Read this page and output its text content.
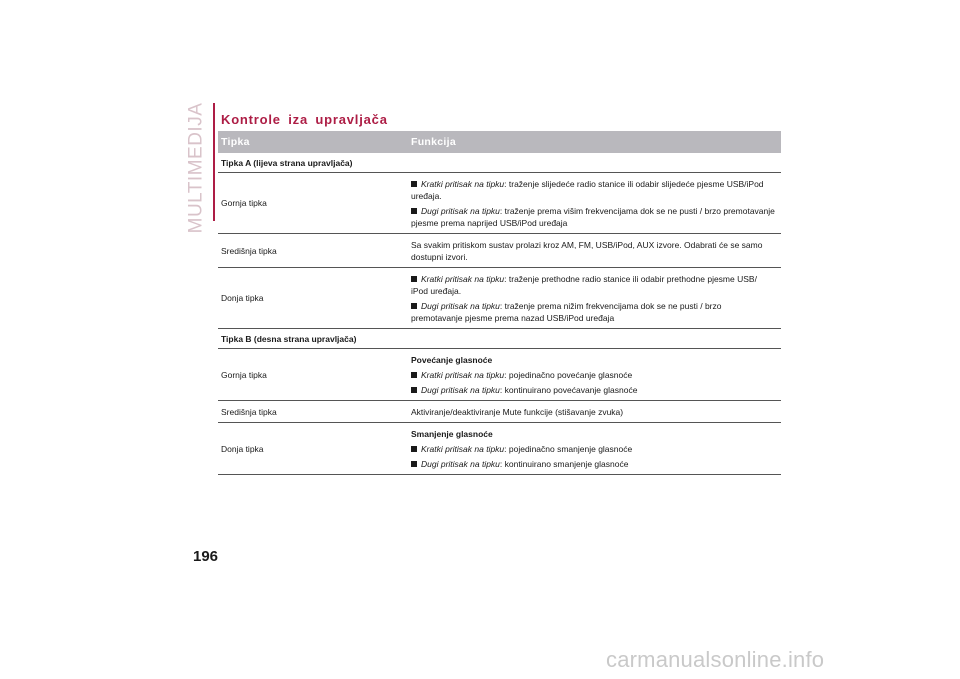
MULTIMEDIJA Kontrole iza upravljača
Tipka	Funkcija
Tipka A (lijeva strana upravljača)
Gornja tipka
Kratki pritisak na tipku: traženje slijedeće radio stanice ili odabir slijedeće pjesme USB/iPod uređaja.
Dugi pritisak na tipku: traženje prema višim frekvencijama dok se ne pusti / brzo premotavanje pjesme prema naprijed USB/iPod uređaja
Središnja tipka
Sa svakim pritiskom sustav prolazi kroz AM, FM, USB/iPod, AUX izvore. Odabrati će se samo dostupni izvori.
Donja tipka
Kratki pritisak na tipku: traženje prethodne radio stanice ili odabir prethodne pjesme USB/ iPod uređaja.
Dugi pritisak na tipku: traženje prema nižim frekvencijama dok se ne pusti / brzo premotavanje pjesme prema nazad USB/iPod uređaja
Tipka B (desna strana upravljača)
Gornja tipka
Povećanje glasnoće
Kratki pritisak na tipku: pojedinačno povećanje glasnoće
Dugi pritisak na tipku: kontinuirano povećavanje glasnoće
Središnja tipka	Aktiviranje/deaktiviranje Mute funkcije (stišavanje zvuka)
Donja tipka
Smanjenje glasnoće
Kratki pritisak na tipku: pojedinačno smanjenje glasnoće
Dugi pritisak na tipku: kontinuirano smanjenje glasnoće
196
carmanualsonline.info
